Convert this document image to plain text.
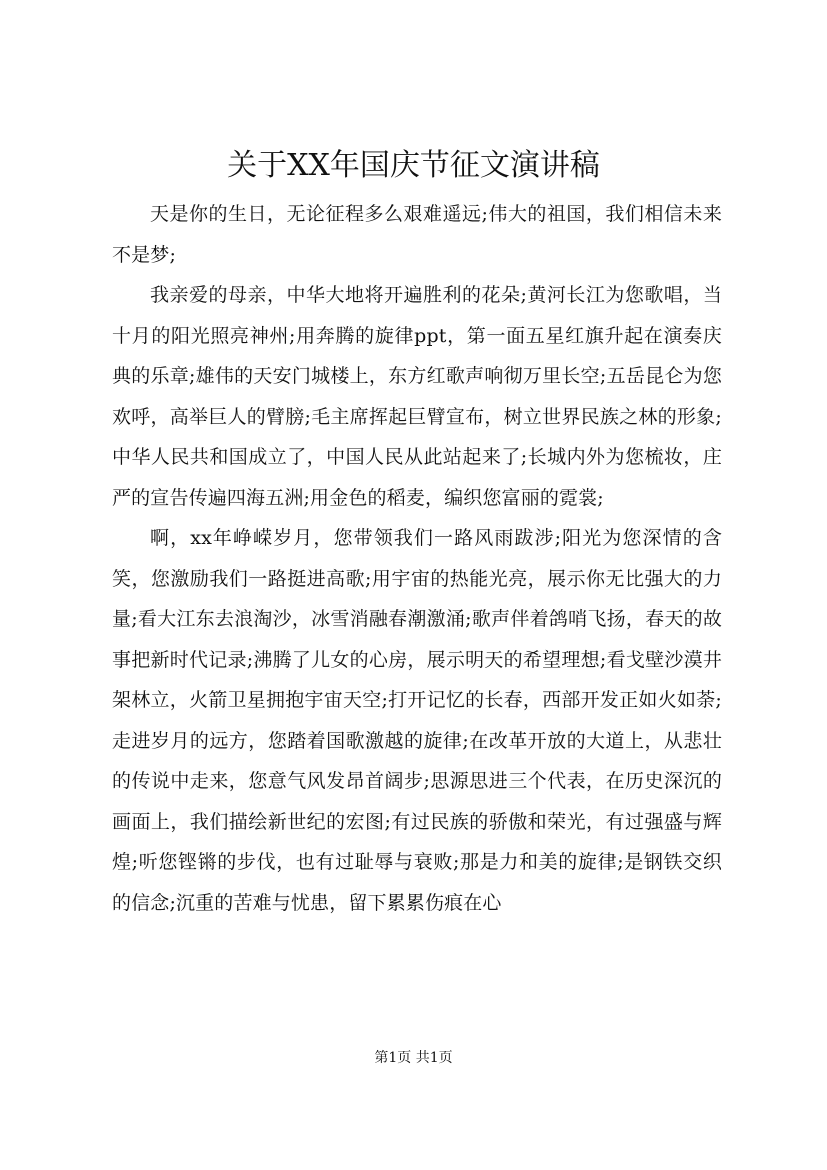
关于XX年国庆节征文演讲稿

天是你的生日，无论征程多么艰难遥远;伟大的祖国，我们相信未来不是梦;

我亲爱的母亲，中华大地将开遍胜利的花朵;黄河长江为您歌唱，当十月的阳光照亮神州;用奔腾的旋律ppt，第一面五星红旗升起在演奏庆典的乐章;雄伟的天安门城楼上，东方红歌声响彻万里长空;五岳昆仑为您欢呼，高举巨人的臂膀;毛主席挥起巨臂宣布，树立世界民族之林的形象;中华人民共和国成立了，中国人民从此站起来了;长城内外为您梳妆，庄严的宣告传遍四海五洲;用金色的稻麦，编织您富丽的霓裳;

啊，xx年峥嵘岁月，您带领我们一路风雨跋涉;阳光为您深情的含笑，您激励我们一路挺进高歌;用宇宙的热能光亮，展示你无比强大的力量;看大江东去浪淘沙，冰雪消融春潮激涌;歌声伴着鸽哨飞扬，春天的故事把新时代记录;沸腾了儿女的心房，展示明天的希望理想;看戈壁沙漠井架林立，火箭卫星拥抱宇宙天空;打开记忆的长春，西部开发正如火如荼;走进岁月的远方，您踏着国歌激越的旋律;在改革开放的大道上，从悲壮的传说中走来，您意气风发昂首阔步;思源思进三个代表，在历史深沉的画面上，我们描绘新世纪的宏图;有过民族的骄傲和荣光，有过强盛与辉煌;听您铿锵的步伐，也有过耻辱与衰败;那是力和美的旋律;是钢铁交织的信念;沉重的苦难与忧患，留下累累伤痕在心

第1页 共1页
